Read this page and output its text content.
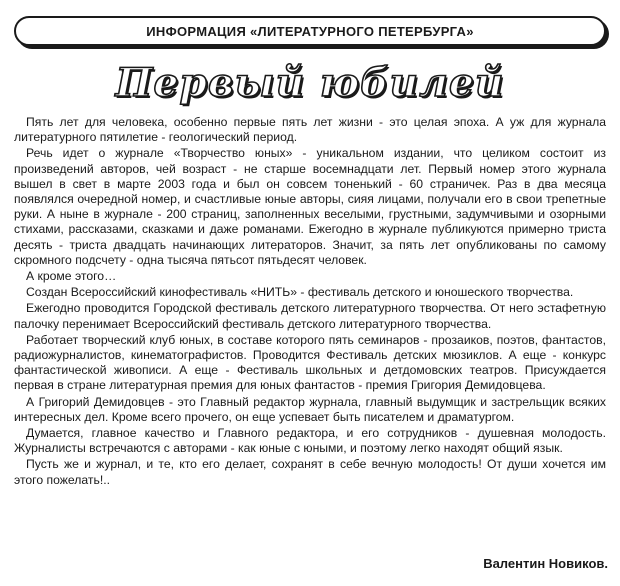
ИНФОРМАЦИЯ «ЛИТЕРАТУРНОГО ПЕТЕРБУРГА»
Первый юбилей

Пять лет для человека, особенно первые пять лет жизни - это целая эпоха. А уж для журнала литературного пятилетие - геологический период.

Речь идет о журнале «Творчество юных» - уникальном издании, что целиком состоит из произведений авторов, чей возраст - не старше восемнадцати лет. Первый номер этого журнала вышел в свет в марте 2003 года и был он совсем тоненький - 60 страничек. Раз в два месяца появлялся очередной номер, и счастливые юные авторы, сияя лицами, получали его в свои трепетные руки. А ныне в журнале - 200 страниц, заполненных веселыми, грустными, задумчивыми и озорными стихами, рассказами, сказками и даже романами. Ежегодно в журнале публикуются примерно триста десять - триста двадцать начинающих литераторов. Значит, за пять лет опубликованы по самому скромного подсчету - одна тысяча пятьсот пятьдесят человек.

А кроме этого…

Создан Всероссийский кинофестиваль «НИТЬ» - фестиваль детского и юношеского творчества.

Ежегодно проводится Городской фестиваль детского литературного творчества. От него эстафетную палочку перенимает Всероссийский фестиваль детского литературного творчества.

Работает творческий клуб юных, в составе которого пять семинаров - прозаиков, поэтов, фантастов, радиожурналистов, кинематографистов. Проводится Фестиваль детских мюзиклов. А еще - конкурс фантастической живописи. А еще - Фестиваль школьных и детдомовских театров. Присуждается первая в стране литературная премия для юных фантастов - премия Григория Демидовцева.

А Григорий Демидовцев - это Главный редактор журнала, главный выдумщик и застрельщик всяких интересных дел. Кроме всего прочего, он еще успевает быть писателем и драматургом.

Думается, главное качество и Главного редактора, и его сотрудников - душевная молодость. Журналисты встречаются с авторами - как юные с юными, и поэтому легко находят общий язык.

Пусть же и журнал, и те, кто его делает, сохранят в себе вечную молодость! От души хочется им этого пожелать!..

Валентин Новиков.
